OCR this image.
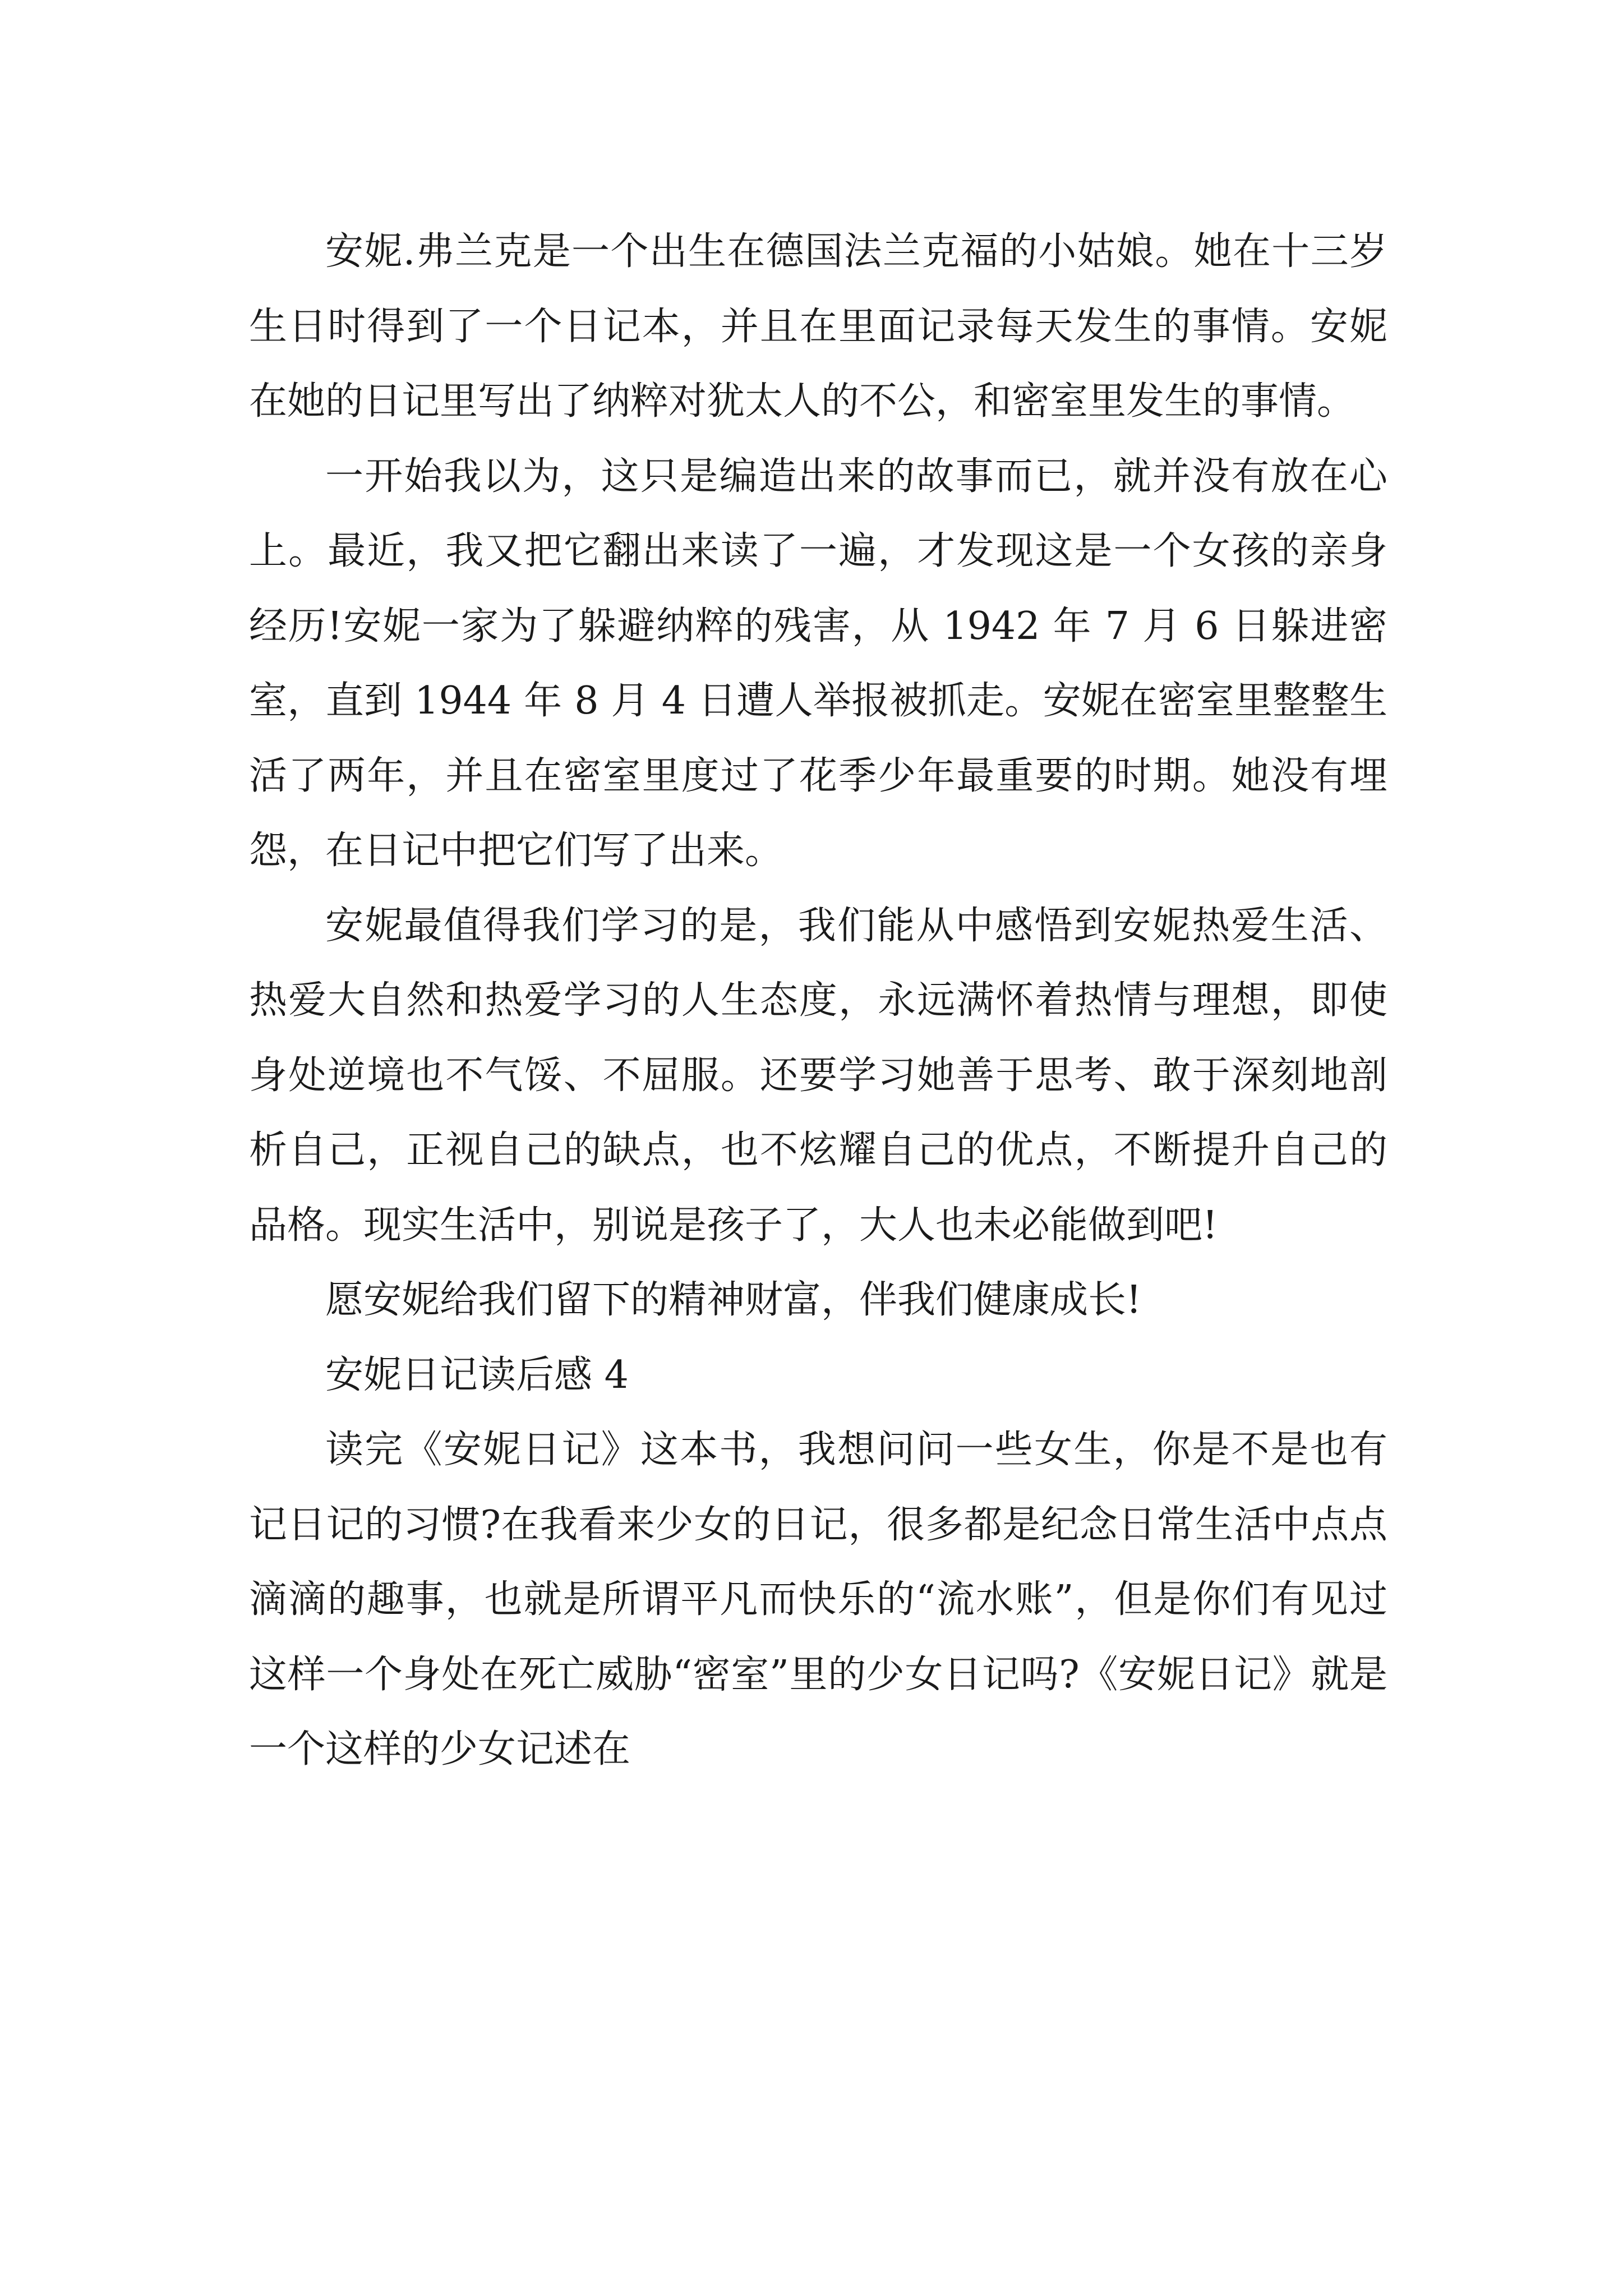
安妮.弗兰克是一个出生在德国法兰克福的小姑娘。她在十三岁生日时得到了一个日记本，并且在里面记录每天发生的事情。安妮在她的日记里写出了纳粹对犹太人的不公，和密室里发生的事情。

一开始我以为，这只是编造出来的故事而已，就并没有放在心上。最近，我又把它翻出来读了一遍，才发现这是一个女孩的亲身经历!安妮一家为了躲避纳粹的残害，从 1942 年 7 月 6 日躲进密室，直到 1944 年 8 月 4 日遭人举报被抓走。安妮在密室里整整生活了两年，并且在密室里度过了花季少年最重要的时期。她没有埋怨，在日记中把它们写了出来。

安妮最值得我们学习的是，我们能从中感悟到安妮热爱生活、热爱大自然和热爱学习的人生态度，永远满怀着热情与理想，即使身处逆境也不气馁、不屈服。还要学习她善于思考、敢于深刻地剖析自己，正视自己的缺点，也不炫耀自己的优点，不断提升自己的品格。现实生活中，别说是孩子了，大人也未必能做到吧!

愿安妮给我们留下的精神财富，伴我们健康成长!

安妮日记读后感 4

读完《安妮日记》这本书，我想问问一些女生，你是不是也有记日记的习惯?在我看来少女的日记，很多都是纪念日常生活中点点滴滴的趣事，也就是所谓平凡而快乐的“流水账”，但是你们有见过这样一个身处在死亡威胁“密室”里的少女日记吗?《安妮日记》就是一个这样的少女记述在
